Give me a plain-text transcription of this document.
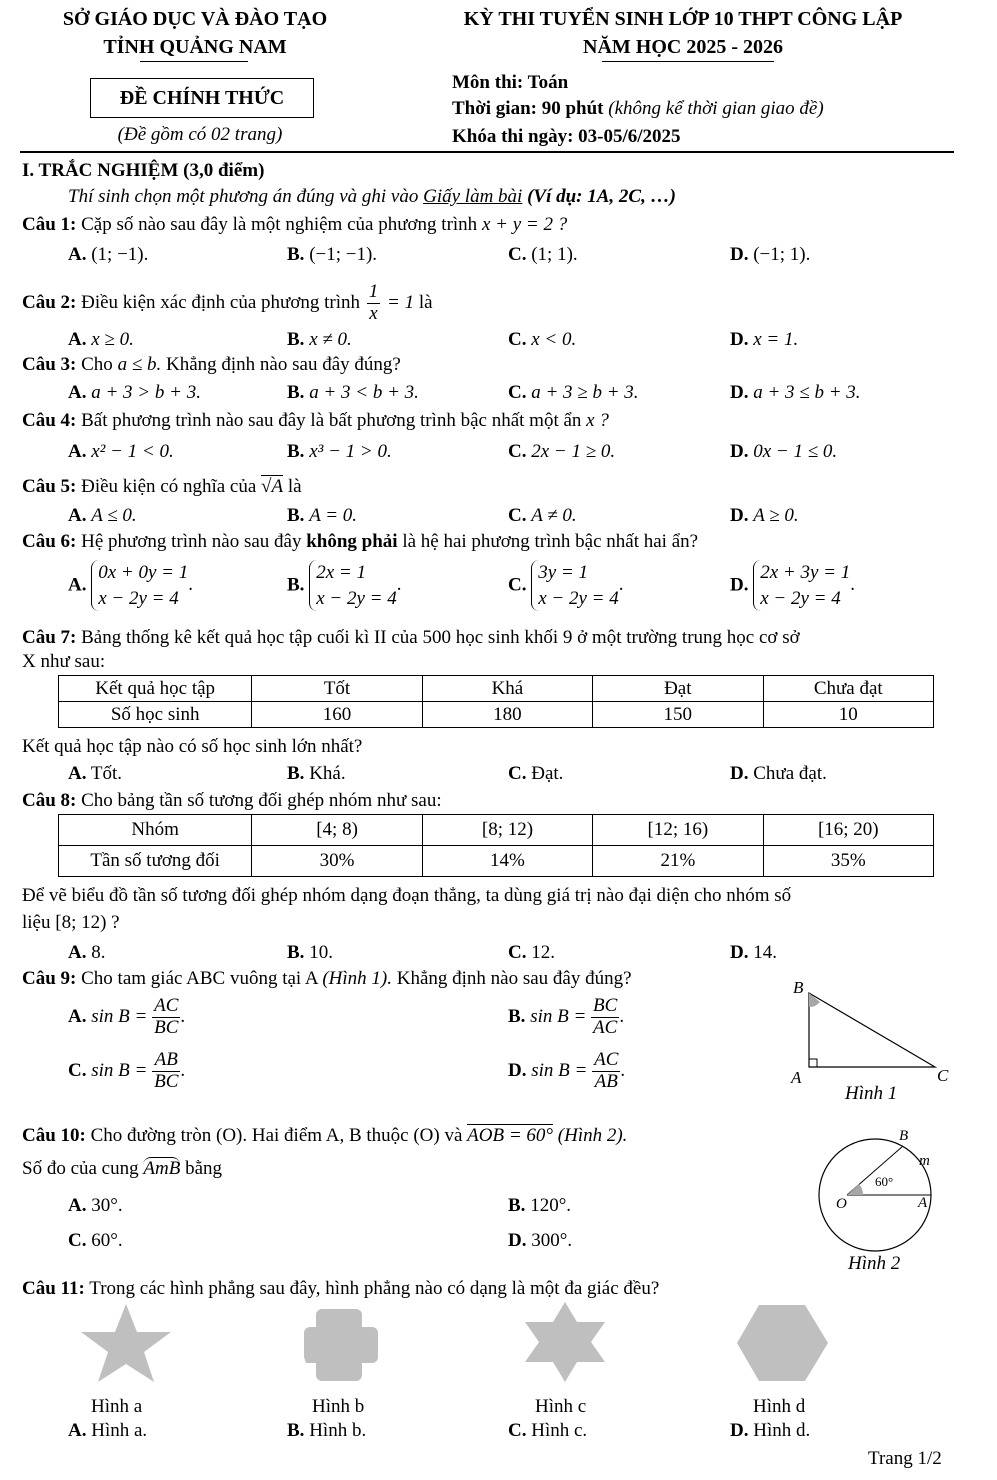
SỞ GIÁO DỤC VÀ ĐÀO TẠO
TỈNH QUẢNG NAM
KỲ THI TUYỂN SINH LỚP 10 THPT CÔNG LẬP
NĂM HỌC 2025 - 2026
ĐỀ CHÍNH THỨC
(Đề gồm có 02 trang)
Môn thi: Toán
Thời gian: 90 phút (không kể thời gian giao đề)
Khóa thi ngày: 03-05/6/2025
I. TRẮC NGHIỆM (3,0 điểm)
Thí sinh chọn một phương án đúng và ghi vào Giấy làm bài (Ví dụ: 1A, 2C, …)
Câu 1: Cặp số nào sau đây là một nghiệm của phương trình x + y = 2 ?
A. (1; −1).	B. (−1; −1).	C. (1; 1).	D. (−1; 1).
Câu 2: Điều kiện xác định của phương trình $\frac{1}{x} = 1$ là
A. x ≥ 0.	B. x ≠ 0.	C. x < 0.	D. x = 1.
Câu 3: Cho a ≤ b. Khẳng định nào sau đây đúng?
A. a + 3 > b + 3.	B. a + 3 < b + 3.	C. a + 3 ≥ b + 3.	D. a + 3 ≤ b + 3.
Câu 4: Bất phương trình nào sau đây là bất phương trình bậc nhất một ẩn x ?
A. x² − 1 < 0.	B. x³ − 1 > 0.	C. 2x − 1 ≥ 0.	D. 0x − 1 ≤ 0.
Câu 5: Điều kiện có nghĩa của √A là
A. A ≤ 0.	B. A = 0.	C. A ≠ 0.	D. A ≥ 0.
Câu 6: Hệ phương trình nào sau đây không phải là hệ hai phương trình bậc nhất hai ẩn?
A.
0x + 0y = 1
x − 2y = 4
.	B.
2x = 1
x − 2y = 4
.	C.
3y = 1
x − 2y = 4
.	D.
2x + 3y = 1
x − 2y = 4
.
Câu 7: Bảng thống kê kết quả học tập cuối kì II của 500 học sinh khối 9 ở một trường trung học cơ sở
X như sau:
Kết quả học tập	Tốt	Khá	Đạt	Chưa đạt
Số học sinh	160	180	150	10
Kết quả học tập nào có số học sinh lớn nhất?
A. Tốt.	B. Khá.	C. Đạt.	D. Chưa đạt.
Câu 8: Cho bảng tần số tương đối ghép nhóm như sau:
Nhóm	[4; 8)	[8; 12)	[12; 16)	[16; 20)
Tần số tương đối	30%	14%	21%	35%
Để vẽ biểu đồ tần số tương đối ghép nhóm dạng đoạn thẳng, ta dùng giá trị nào đại diện cho nhóm số
liệu [8; 12) ?
A. 8.	B. 10.	C. 12.	D. 14.
Câu 9: Cho tam giác ABC vuông tại A (Hình 1). Khẳng định nào sau đây đúng?
A. $\sin B = \frac{AC}{BC}$ .	B. $\sin B = \frac{BC}{AC}$ .
C. $\sin B = \frac{AB}{BC}$ .	D. $\sin B = \frac{AC}{AB}$ .
B
A	C
Hình 1
Câu 10: Cho đường tròn (O). Hai điểm A, B thuộc (O) và AOB = 60° (Hình 2).
Số đo của cung AmB bằng
A. 30°.	B. 120°.
C. 60°.	D. 300°.
B
m
60°
O	A
Hình 2
Câu 11: Trong các hình phẳng sau đây, hình phẳng nào có dạng là một đa giác đều?
Hình a	Hình b	Hình c	Hình d
A. Hình a.	B. Hình b.	C. Hình c.	D. Hình d.
Trang 1/2
